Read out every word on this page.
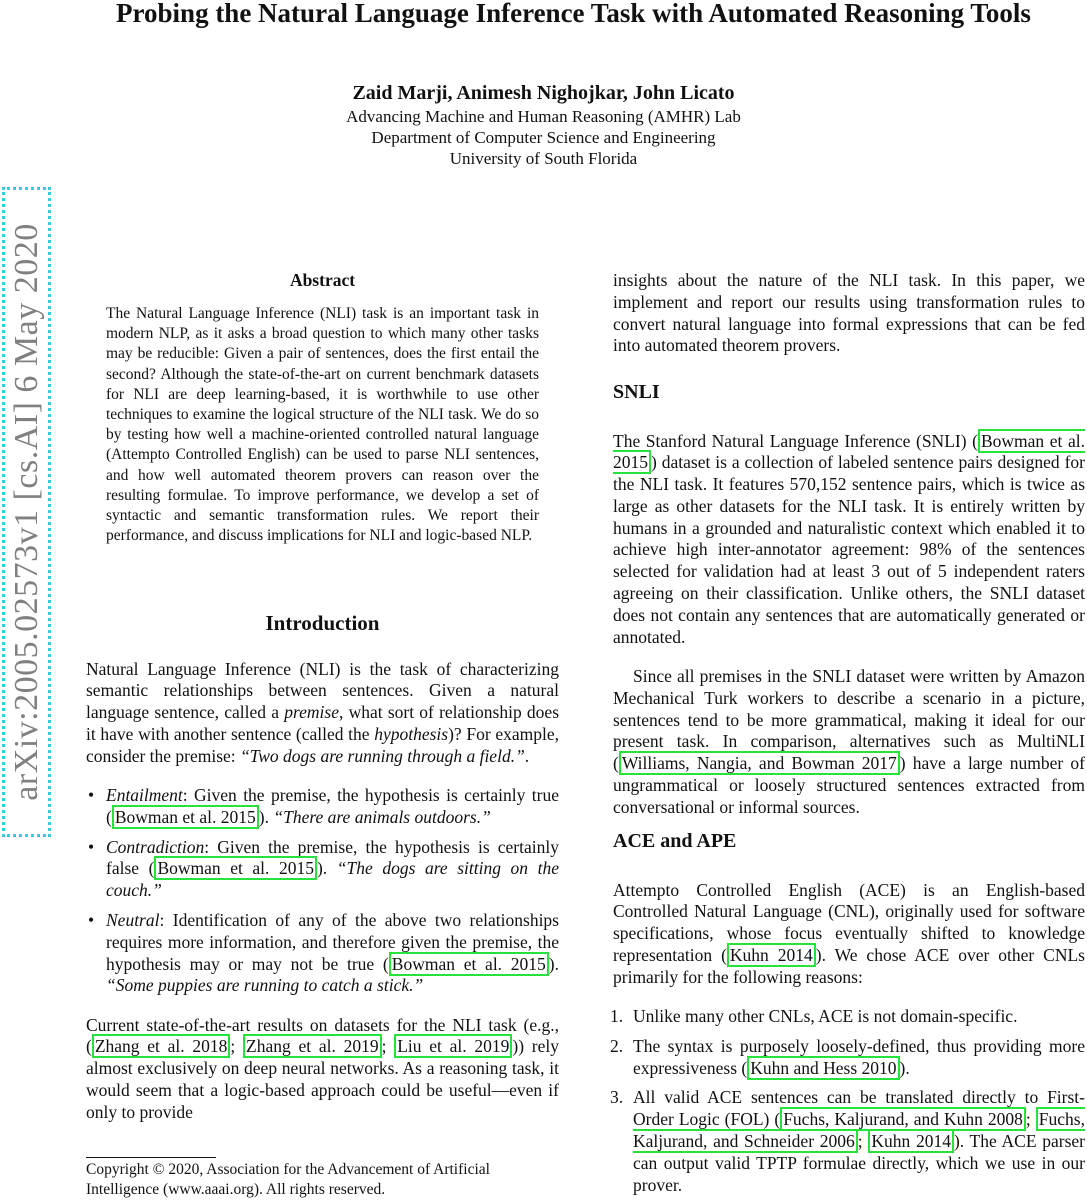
Probing the Natural Language Inference Task with Automated Reasoning Tools
Zaid Marji, Animesh Nighojkar, John Licato
Advancing Machine and Human Reasoning (AMHR) Lab
Department of Computer Science and Engineering
University of South Florida
arXiv:2005.02573v1 [cs.AI] 6 May 2020	Abstract
The Natural Language Inference (NLI) task is an important task in modern NLP, as it asks a broad question to which many other tasks may be reducible: Given a pair of sentences, does the first entail the second? Although the state-of-the-art on current benchmark datasets for NLI are deep learning-based, it is worthwhile to use other techniques to examine the logical structure of the NLI task. We do so by testing how well a machine-oriented controlled natural language (Attempto Controlled English) can be used to parse NLI sentences, and how well automated theorem provers can reason over the resulting formulae. To improve performance, we develop a set of syntactic and semantic transformation rules. We report their performance, and discuss implications for NLI and logic-based NLP.
Introduction

Natural Language Inference (NLI) is the task of characterizing semantic relationships between sentences. Given a natural language sentence, called a premise, what sort of relationship does it have with another sentence (called the hypothesis)? For example, consider the premise: “Two dogs are running through a field.”.

• Entailment: Given the premise, the hypothesis is certainly true ( Bowman et al. 2015 ). “There are animals outdoors.”
• Contradiction: Given the premise, the hypothesis is certainly false ( Bowman et al. 2015 ). “The dogs are sitting on the couch.”
• Neutral: Identification of any of the above two relationships requires more information, and therefore given the premise, the hypothesis may or may not be true ( Bowman et al. 2015 ). “Some puppies are running to catch a stick.”

Current state-of-the-art results on datasets for the NLI task (e.g., ( Zhang et al. 2018 ; Zhang et al. 2019 ; Liu et al. 2019 )) rely almost exclusively on deep neural networks. As a reasoning task, it would seem that a logic-based approach could be useful—even if only to provide

Copyright © 2020, Association for the Advancement of Artificial Intelligence (www.aaai.org). All rights reserved.
insights about the nature of the NLI task. In this paper, we implement and report our results using transformation rules to convert natural language into formal expressions that can be fed into automated theorem provers.
SNLI

The Stanford Natural Language Inference (SNLI) ( Bowman et al. 2015 ) dataset is a collection of labeled sentence pairs designed for the NLI task. It features 570,152 sentence pairs, which is twice as large as other datasets for the NLI task. It is entirely written by humans in a grounded and naturalistic context which enabled it to achieve high inter-annotator agreement: 98% of the sentences selected for validation had at least 3 out of 5 independent raters agreeing on their classification. Unlike others, the SNLI dataset does not contain any sentences that are automatically generated or annotated.

Since all premises in the SNLI dataset were written by Amazon Mechanical Turk workers to describe a scenario in a picture, sentences tend to be more grammatical, making it ideal for our present task. In comparison, alternatives such as MultiNLI ( Williams, Nangia, and Bowman 2017 ) have a large number of ungrammatical or loosely structured sentences extracted from conversational or informal sources.

ACE and APE

Attempto Controlled English (ACE) is an English-based Controlled Natural Language (CNL), originally used for software specifications, whose focus eventually shifted to knowledge representation ( Kuhn 2014 ). We chose ACE over other CNLs primarily for the following reasons:

1. Unlike many other CNLs, ACE is not domain-specific.
2. The syntax is purposely loosely-defined, thus providing more expressiveness ( Kuhn and Hess 2010 ).
3. All valid ACE sentences can be translated directly to First-Order Logic (FOL) ( Fuchs, Kaljurand, and Kuhn 2008 ; Fuchs, Kaljurand, and Schneider 2006 ; Kuhn 2014 ). The ACE parser can output valid TPTP formulae directly, which we use in our prover.
